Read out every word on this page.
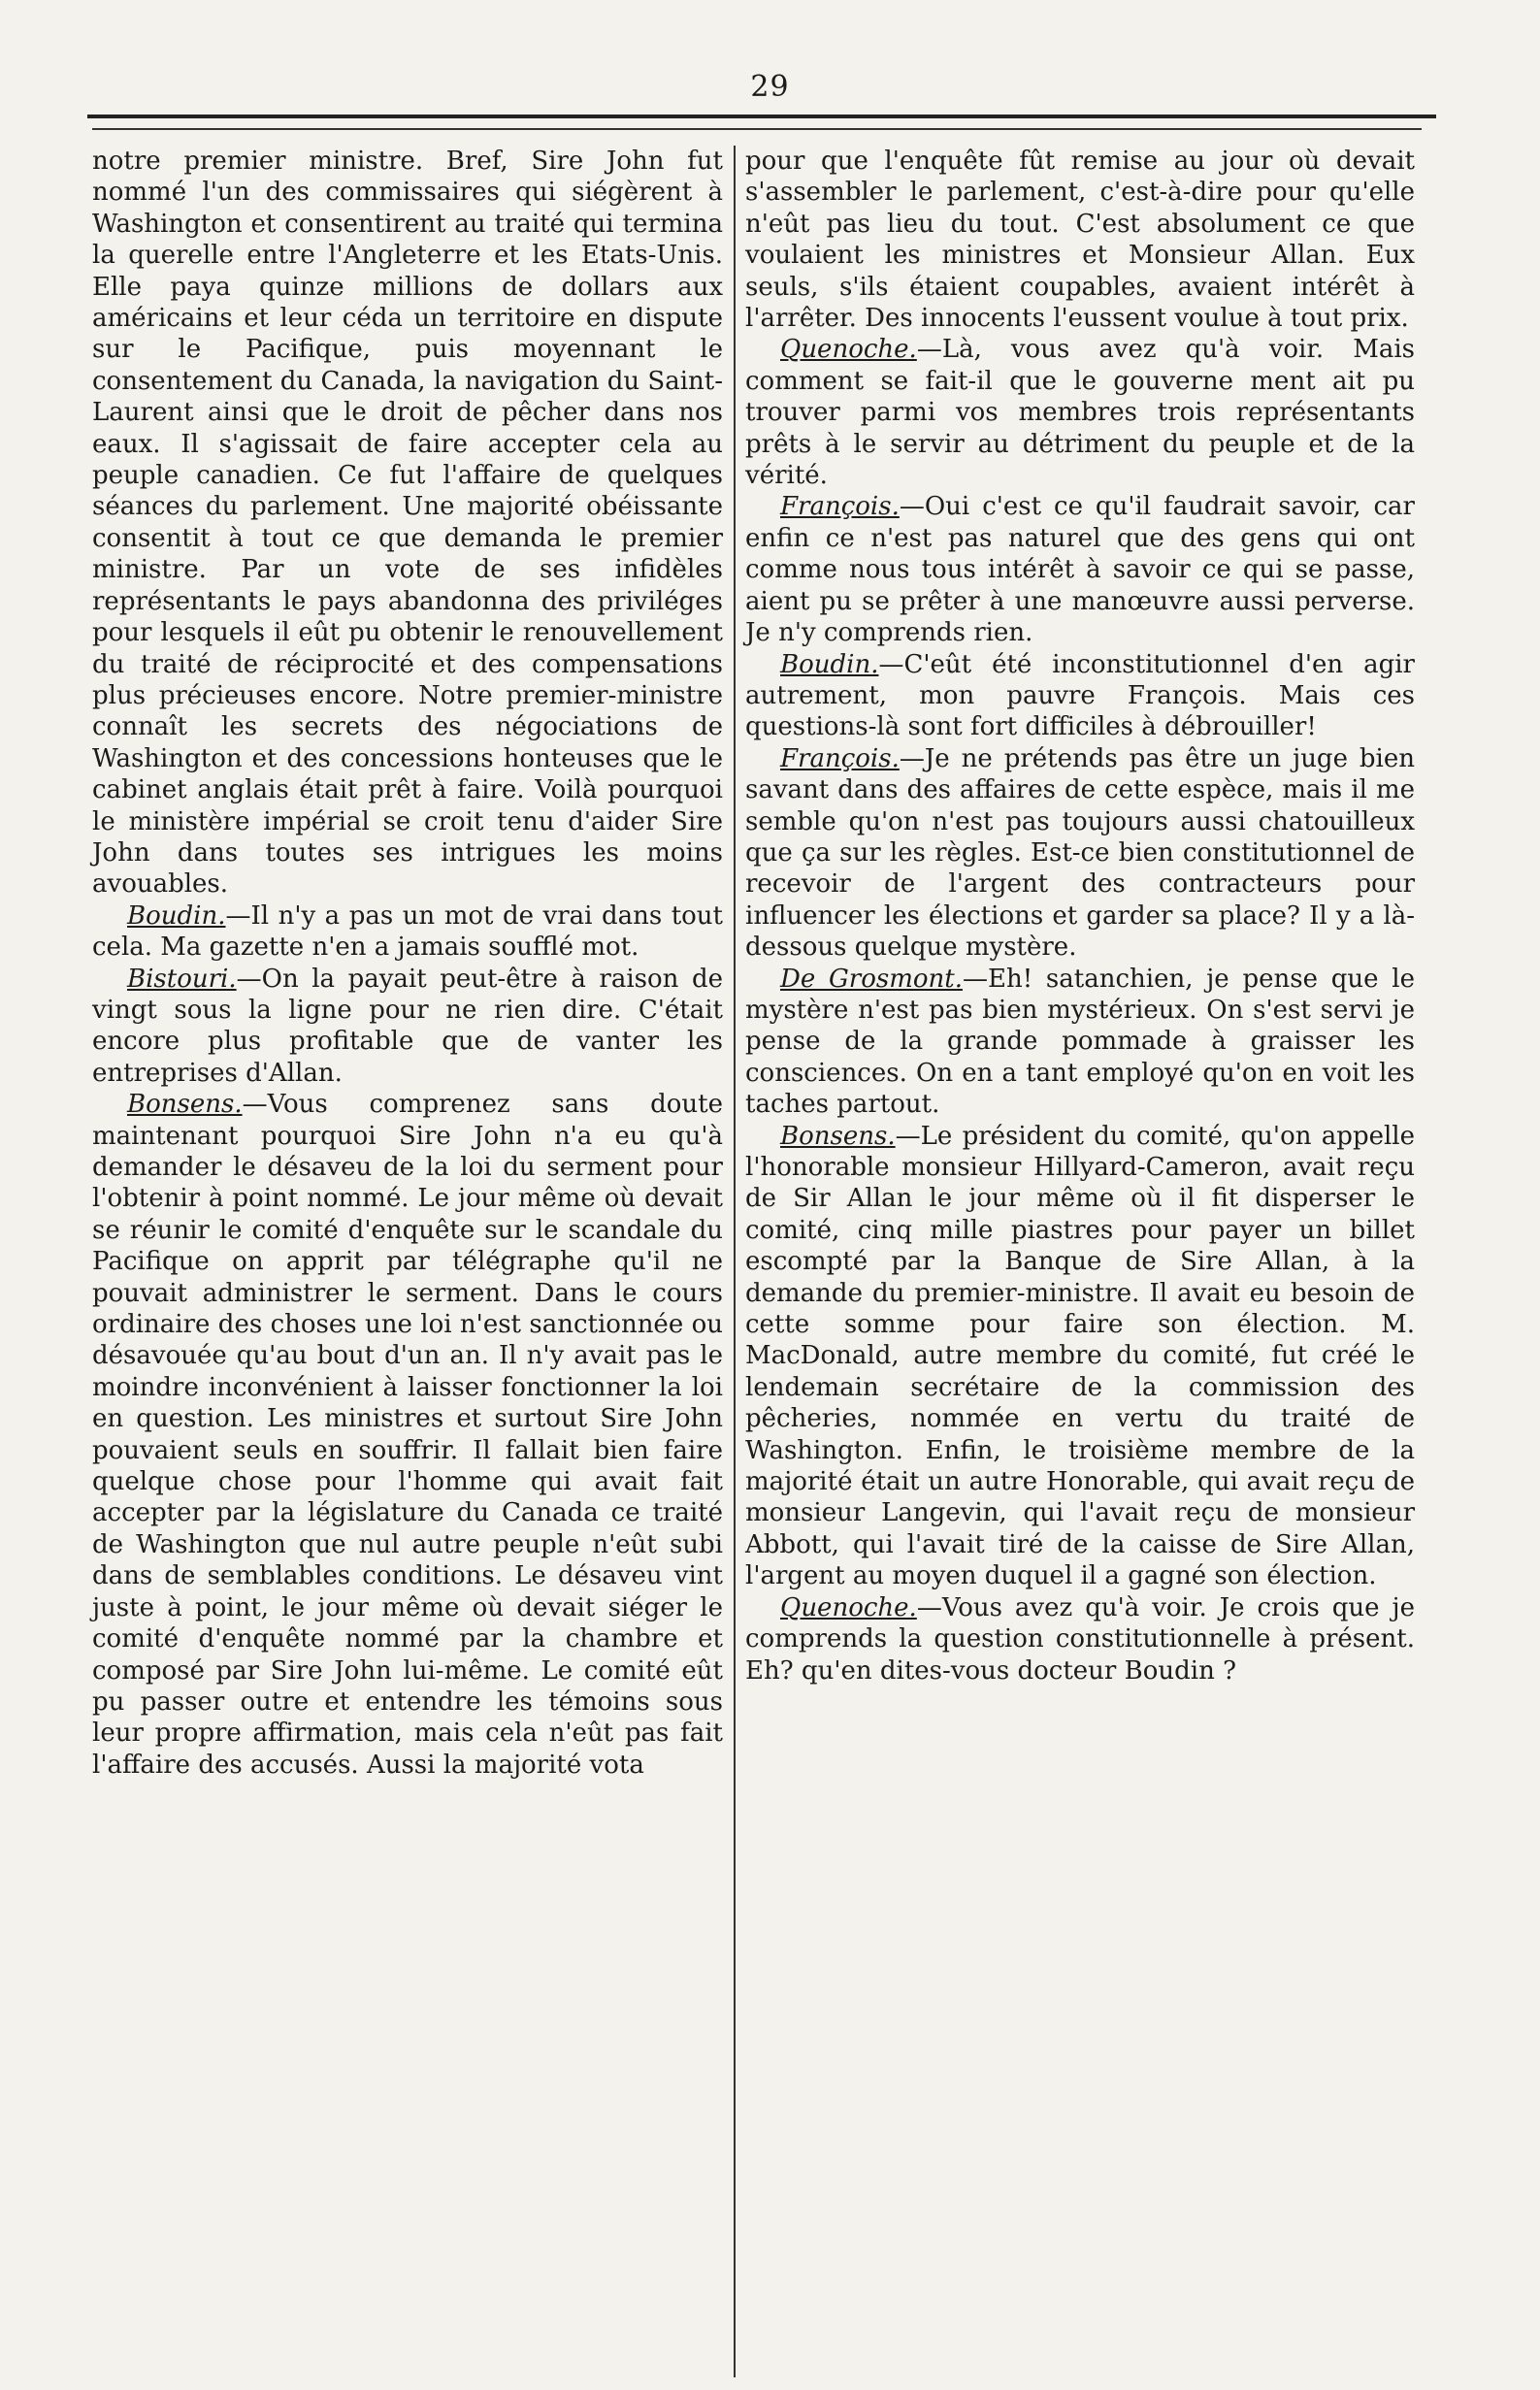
29

notre premier ministre. Bref, Sire John fut nommé l'un des commissaires qui siégèrent à Washington et consentirent au traité qui termina la querelle entre l'Angleterre et les Etats-Unis. Elle paya quinze millions de dollars aux américains et leur céda un territoire en dispute sur le Pacifique, puis moyennant le consentement du Canada, la navigation du Saint-Laurent ainsi que le droit de pêcher dans nos eaux. Il s'agissait de faire accepter cela au peuple canadien. Ce fut l'affaire de quelques séances du parlement. Une majorité obéissante consentit à tout ce que demanda le premier ministre. Par un vote de ses infidèles représentants le pays abandonna des priviléges pour lesquels il eût pu obtenir le renouvellement du traité de réciprocité et des compensations plus précieuses encore. Notre premier-ministre connaît les secrets des négociations de Washington et des concessions honteuses que le cabinet anglais était prêt à faire. Voilà pourquoi le ministère impérial se croit tenu d'aider Sire John dans toutes ses intrigues les moins avouables.

Boudin.—Il n'y a pas un mot de vrai dans tout cela. Ma gazette n'en a jamais soufflé mot.

Bistouri.—On la payait peut-être à raison de vingt sous la ligne pour ne rien dire. C'était encore plus profitable que de vanter les entreprises d'Allan.

Bonsens.—Vous comprenez sans doute maintenant pourquoi Sire John n'a eu qu'à demander le désaveu de la loi du serment pour l'obtenir à point nommé. Le jour même où devait se réunir le comité d'enquête sur le scandale du Pacifique on apprit par télégraphe qu'il ne pouvait administrer le serment. Dans le cours ordinaire des choses une loi n'est sanctionnée ou désavouée qu'au bout d'un an. Il n'y avait pas le moindre inconvénient à laisser fonctionner la loi en question. Les ministres et surtout Sire John pouvaient seuls en souffrir. Il fallait bien faire quelque chose pour l'homme qui avait fait accepter par la législature du Canada ce traité de Washington que nul autre peuple n'eût subi dans de semblables conditions. Le désaveu vint juste à point, le jour même où devait siéger le comité d'enquête nommé par la chambre et composé par Sire John lui-même. Le comité eût pu passer outre et entendre les témoins sous leur propre affirmation, mais cela n'eût pas fait l'affaire des accusés. Aussi la majorité vota

pour que l'enquête fût remise au jour où devait s'assembler le parlement, c'est-à-dire pour qu'elle n'eût pas lieu du tout. C'est absolument ce que voulaient les ministres et Monsieur Allan. Eux seuls, s'ils étaient coupables, avaient intérêt à l'arrêter. Des innocents l'eussent voulue à tout prix.

Quenoche.—Là, vous avez qu'à voir. Mais comment se fait-il que le gouverne ment ait pu trouver parmi vos membres trois représentants prêts à le servir au détriment du peuple et de la vérité.

François.—Oui c'est ce qu'il faudrait savoir, car enfin ce n'est pas naturel que des gens qui ont comme nous tous intérêt à savoir ce qui se passe, aient pu se prêter à une manœuvre aussi perverse. Je n'y comprends rien.

Boudin.—C'eût été inconstitutionnel d'en agir autrement, mon pauvre François. Mais ces questions-là sont fort difficiles à débrouiller!

François.—Je ne prétends pas être un juge bien savant dans des affaires de cette espèce, mais il me semble qu'on n'est pas toujours aussi chatouilleux que ça sur les règles. Est-ce bien constitutionnel de recevoir de l'argent des contracteurs pour influencer les élections et garder sa place? Il y a là-dessous quelque mystère.

De Grosmont.—Eh! satanchien, je pense que le mystère n'est pas bien mystérieux. On s'est servi je pense de la grande pommade à graisser les consciences. On en a tant employé qu'on en voit les taches partout.

Bonsens.—Le président du comité, qu'on appelle l'honorable monsieur Hillyard-Cameron, avait reçu de Sir Allan le jour même où il fit disperser le comité, cinq mille piastres pour payer un billet escompté par la Banque de Sire Allan, à la demande du premier-ministre. Il avait eu besoin de cette somme pour faire son élection. M. MacDonald, autre membre du comité, fut créé le lendemain secrétaire de la commission des pêcheries, nommée en vertu du traité de Washington. Enfin, le troisième membre de la majorité était un autre Honorable, qui avait reçu de monsieur Langevin, qui l'avait reçu de monsieur Abbott, qui l'avait tiré de la caisse de Sire Allan, l'argent au moyen duquel il a gagné son élection.

Quenoche.—Vous avez qu'à voir. Je crois que je comprends la question constitutionnelle à présent. Eh? qu'en dites-vous docteur Boudin ?
